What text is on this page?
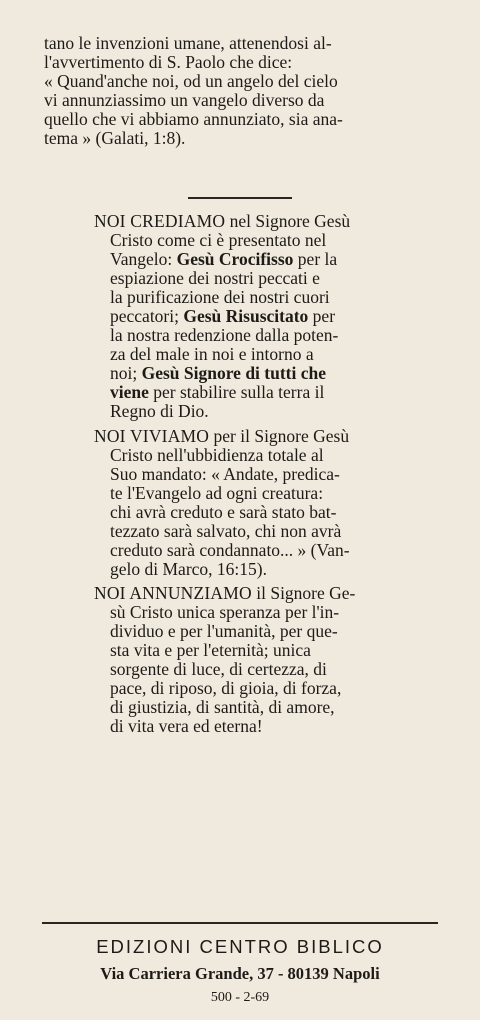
tano le invenzioni umane, attenendosi al-
l'avvertimento di S. Paolo che dice:
« Quand'anche noi, od un angelo del cielo
vi annunziassimo un vangelo diverso da
quello che vi abbiamo annunziato, sia ana-
tema » (Galati, 1:8).

NOI CREDIAMO nel Signore Gesù
Cristo come ci è presentato nel
Vangelo: Gesù Crocifisso per la
espiazione dei nostri peccati e
la purificazione dei nostri cuori
peccatori; Gesù Risuscitato per
la nostra redenzione dalla poten-
za del male in noi e intorno a
noi; Gesù Signore di tutti che
viene per stabilire sulla terra il
Regno di Dio.
NOI VIVIAMO per il Signore Gesù
Cristo nell'ubbidienza totale al
Suo mandato: « Andate, predica-
te l'Evangelo ad ogni creatura:
chi avrà creduto e sarà stato bat-
tezzato sarà salvato, chi non avrà
creduto sarà condannato... » (Van-
gelo di Marco, 16:15).
NOI ANNUNZIAMO il Signore Ge-
sù Cristo unica speranza per l'in-
dividuo e per l'umanità, per que-
sta vita e per l'eternità; unica
sorgente di luce, di certezza, di
pace, di riposo, di gioia, di forza,
di giustizia, di santità, di amore,
di vita vera ed eterna!

EDIZIONI CENTRO BIBLICO

Via Carriera Grande, 37 - 80139 Napoli

500 - 2-69
